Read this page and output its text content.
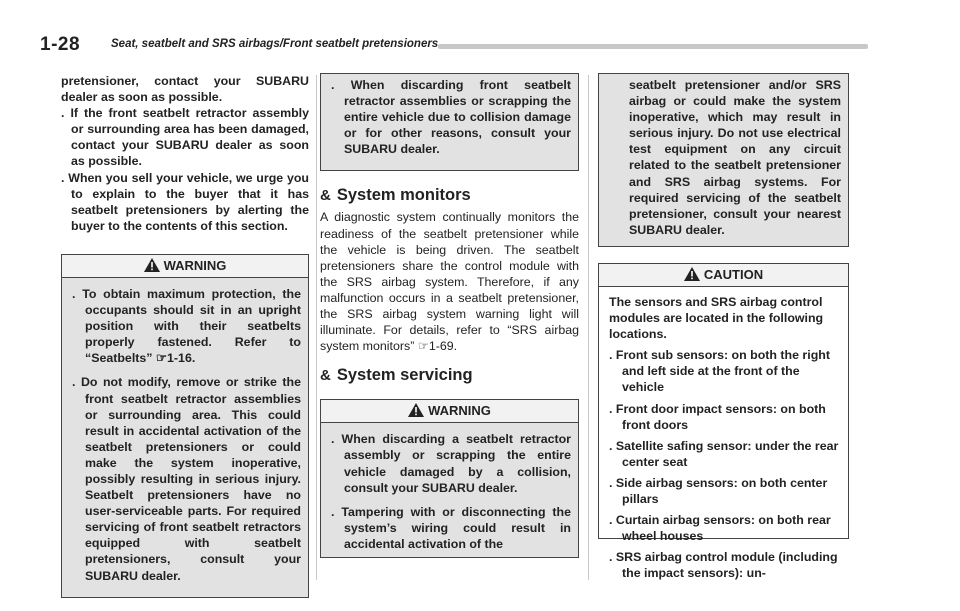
1-28	Seat, seatbelt and SRS airbags/Front seatbelt pretensioners

pretensioner, contact your SUBARU dealer as soon as possible.

. If the front seatbelt retractor assembly or surrounding area has been damaged, contact your SUBARU dealer as soon as possible.

. When you sell your vehicle, we urge you to explain to the buyer that it has seatbelt pretensioners by alerting the buyer to the contents of this section.

WARNING

. To obtain maximum protection, the occupants should sit in an upright position with their seatbelts properly fastened. Refer to “Seatbelts” ☞1-16.

. Do not modify, remove or strike the front seatbelt retractor assemblies or surrounding area. This could result in accidental activation of the seatbelt pretensioners or could make the system inoperative, possibly resulting in serious injury. Seatbelt pretensioners have no user-serviceable parts. For required servicing of front seatbelt retractors equipped with seatbelt pretensioners, consult your SUBARU dealer.

. When discarding front seatbelt retractor assemblies or scrapping the entire vehicle due to collision damage or for other reasons, consult your SUBARU dealer.

& System monitors

A diagnostic system continually monitors the readiness of the seatbelt pretensioner while the vehicle is being driven. The seatbelt pretensioners share the control module with the SRS airbag system. Therefore, if any malfunction occurs in a seatbelt pretensioner, the SRS airbag system warning light will illuminate. For details, refer to “SRS airbag system monitors” ☞1-69.

& System servicing

WARNING

. When discarding a seatbelt retractor assembly or scrapping the entire vehicle damaged by a collision, consult your SUBARU dealer.

. Tampering with or disconnecting the system’s wiring could result in accidental activation of the

seatbelt pretensioner and/or SRS airbag or could make the system inoperative, which may result in serious injury. Do not use electrical test equipment on any circuit related to the seatbelt pretensioner and SRS airbag systems. For required servicing of the seatbelt pretensioner, consult your nearest SUBARU dealer.

CAUTION

The sensors and SRS airbag control modules are located in the following locations.

. Front sub sensors: on both the right and left side at the front of the vehicle

. Front door impact sensors: on both front doors

. Satellite safing sensor: under the rear center seat

. Side airbag sensors: on both center pillars

. Curtain airbag sensors: on both rear wheel houses

. SRS airbag control module (including the impact sensors): un-
